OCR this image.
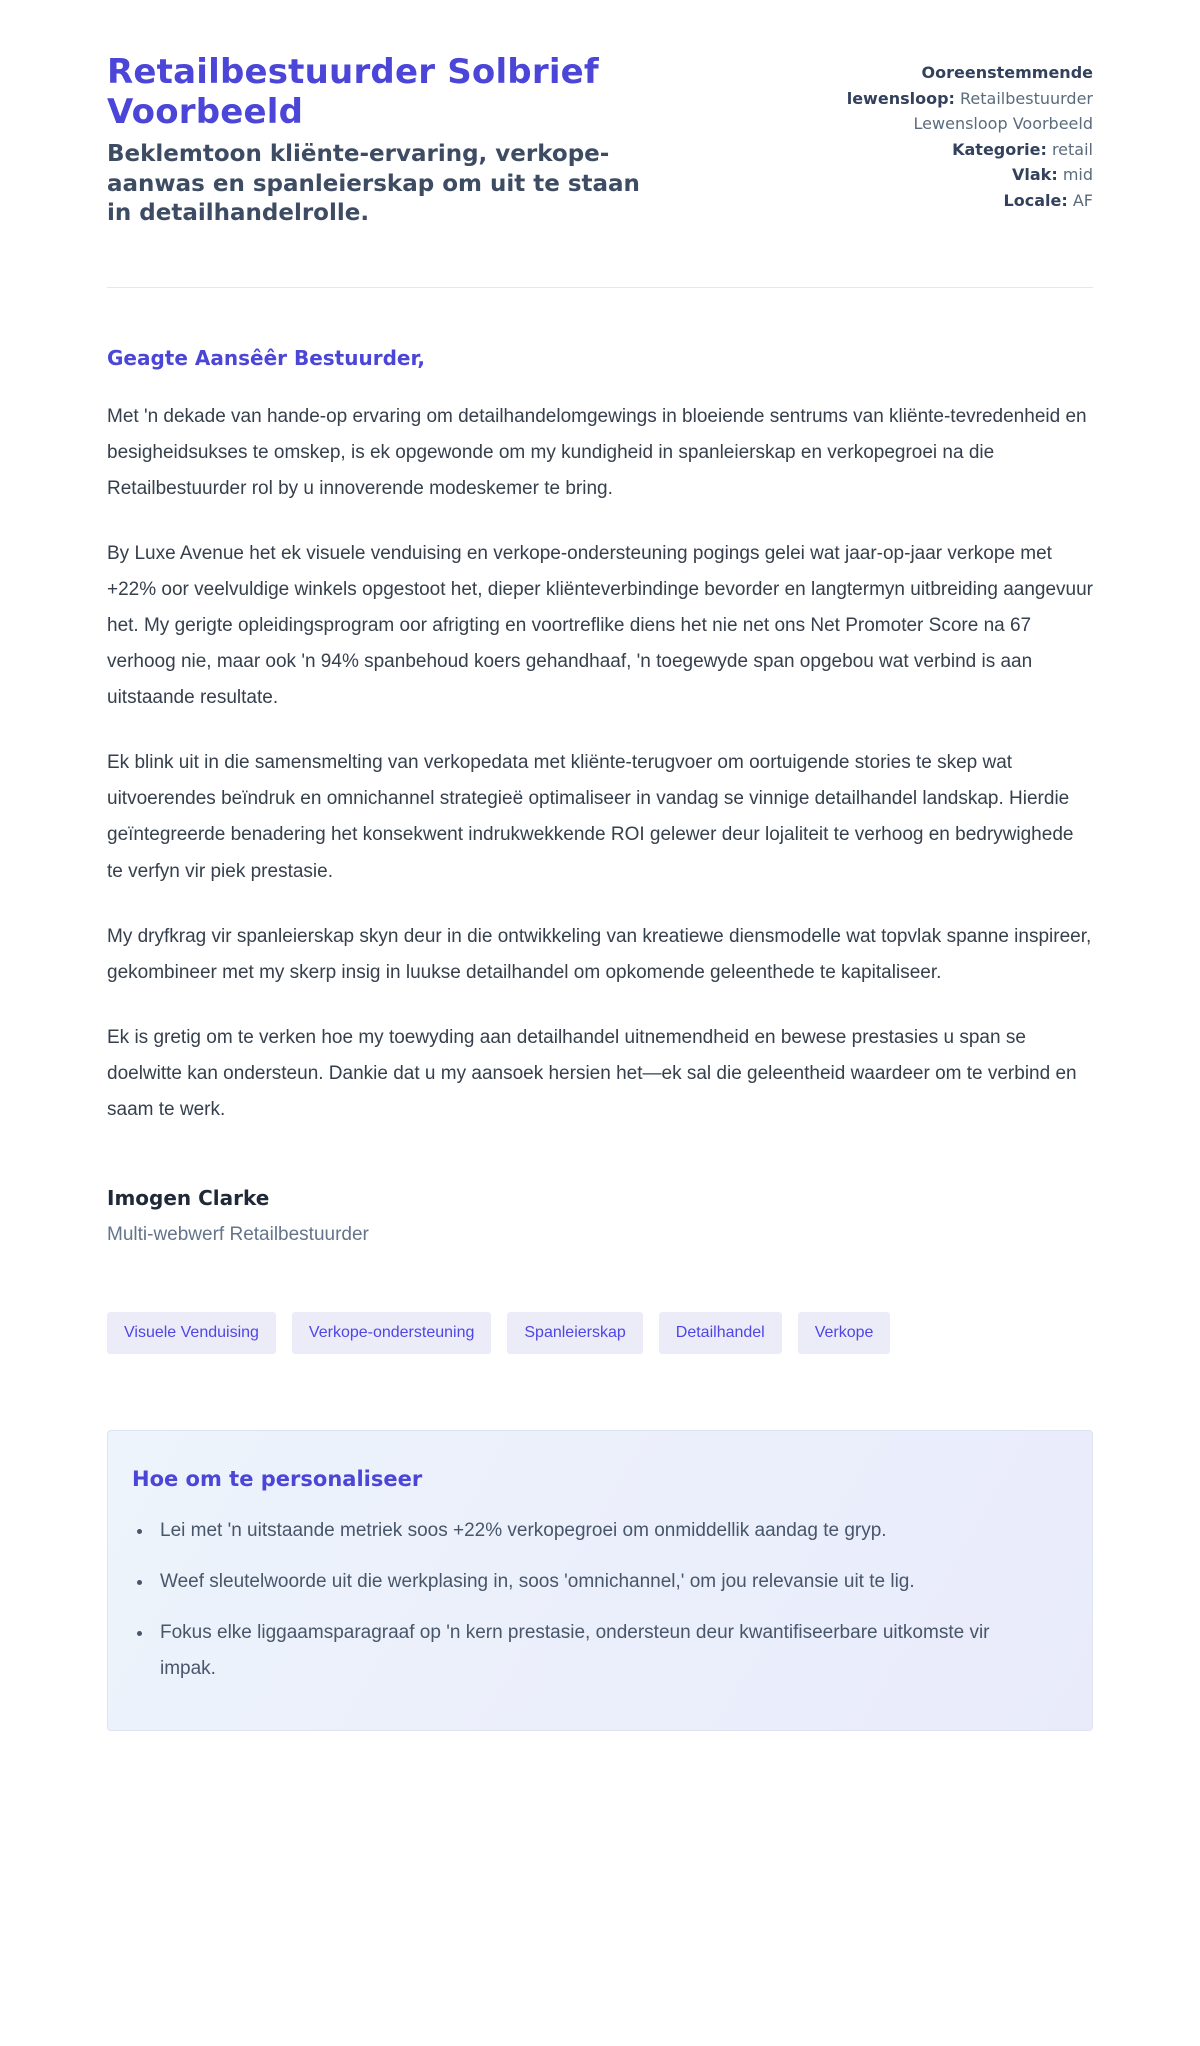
Retailbestuurder Solbrief Voorbeeld
Beklemtoon kliënte-ervaring, verkope-aanwas en spanleierskap om uit te staan in detailhandelrolle.
Ooreenstemmende lewensloop: Retailbestuurder Lewensloop Voorbeeld
Kategorie: retail
Vlak: mid
Locale: AF
Geagte Aansêêr Bestuurder,

Met 'n dekade van hande-op ervaring om detailhandelomgewings in bloeiende sentrums van kliënte-tevredenheid en besigheidsukses te omskep, is ek opgewonde om my kundigheid in spanleierskap en verkopegroei na die Retailbestuurder rol by u innoverende modeskemer te bring.

By Luxe Avenue het ek visuele venduising en verkope-ondersteuning pogings gelei wat jaar-op-jaar verkope met +22% oor veelvuldige winkels opgestoot het, dieper kliënteverbindinge bevorder en langtermyn uitbreiding aangevuur het. My gerigte opleidingsprogram oor afrigting en voortreflike diens het nie net ons Net Promoter Score na 67 verhoog nie, maar ook 'n 94% spanbehoud koers gehandhaaf, 'n toegewyde span opgebou wat verbind is aan uitstaande resultate.

Ek blink uit in die samensmelting van verkopedata met kliënte-terugvoer om oortuigende stories te skep wat uitvoerendes beïndruk en omnichannel strategieë optimaliseer in vandag se vinnige detailhandel landskap. Hierdie geïntegreerde benadering het konsekwent indrukwekkende ROI gelewer deur lojaliteit te verhoog en bedrywighede te verfyn vir piek prestasie.

My dryfkrag vir spanleierskap skyn deur in die ontwikkeling van kreatiewe diensmodelle wat topvlak spanne inspireer, gekombineer met my skerp insig in luukse detailhandel om opkomende geleenthede te kapitaliseer.

Ek is gretig om te verken hoe my toewyding aan detailhandel uitnemendheid en bewese prestasies u span se doelwitte kan ondersteun. Dankie dat u my aansoek hersien het—ek sal die geleentheid waardeer om te verbind en saam te werk.

Imogen Clarke
Multi-webwerf Retailbestuurder
Visuele Venduising	Verkope-ondersteuning	Spanleierskap	Detailhandel	Verkope
Hoe om te personaliseer
• Lei met 'n uitstaande metriek soos +22% verkopegroei om onmiddellik aandag te gryp.
• Weef sleutelwoorde uit die werkplasing in, soos 'omnichannel,' om jou relevansie uit te lig.
• Fokus elke liggaamsparagraaf op 'n kern prestasie, ondersteun deur kwantifiseerbare uitkomste vir impak.
